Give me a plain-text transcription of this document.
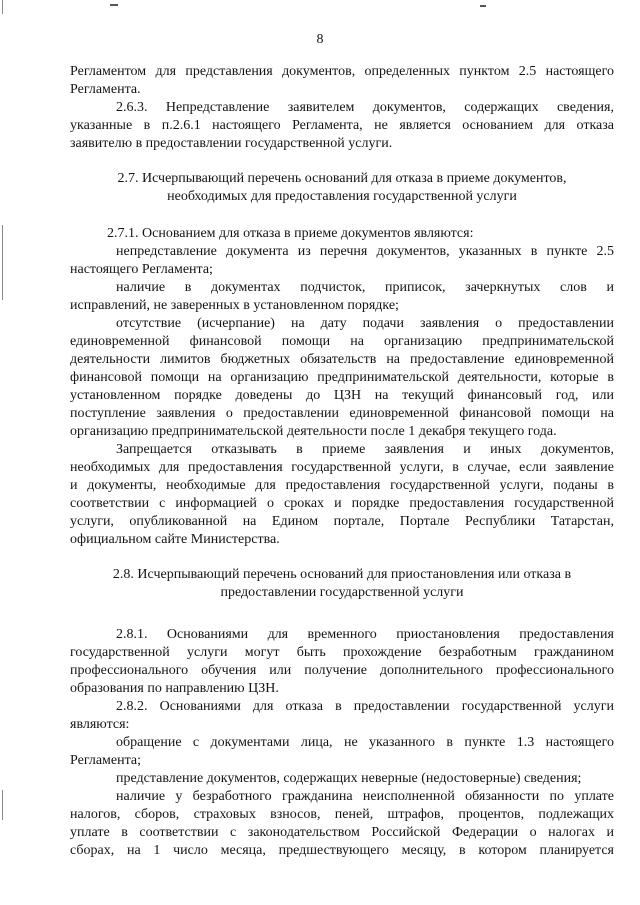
8

Регламентом для представления документов, определенных пунктом 2.5 настоящего

Регламента.

2.6.3. Непредставление заявителем документов, содержащих сведения,

указанные в п.2.6.1 настоящего Регламента, не является основанием для отказа

заявителю в предоставлении государственной услуги.

2.7. Исчерпывающий перечень оснований для отказа в приеме документов,

необходимых для предоставления государственной услуги

2.7.1. Основанием для отказа в приеме документов являются:

непредставление документа из перечня документов, указанных в пункте 2.5

настоящего Регламента;

наличие в документах подчисток, приписок, зачеркнутых слов и

исправлений, не заверенных в установленном порядке;

отсутствие (исчерпание) на дату подачи заявления о предоставлении

единовременной финансовой помощи на организацию предпринимательской

деятельности лимитов бюджетных обязательств на предоставление единовременной

финансовой помощи на организацию предпринимательской деятельности, которые в

установленном порядке доведены до ЦЗН на текущий финансовый год, или

поступление заявления о предоставлении единовременной финансовой помощи на

организацию предпринимательской деятельности после 1 декабря текущего года.

Запрещается отказывать в приеме заявления и иных документов,

необходимых для предоставления государственной услуги, в случае, если заявление

и документы, необходимые для предоставления государственной услуги, поданы в

соответствии с информацией о сроках и порядке предоставления государственной

услуги, опубликованной на Едином портале, Портале Республики Татарстан,

официальном сайте Министерства.

2.8. Исчерпывающий перечень оснований для приостановления или отказа в

предоставлении государственной услуги

2.8.1. Основаниями для временного приостановления предоставления

государственной услуги могут быть прохождение безработным гражданином

профессионального обучения или получение дополнительного профессионального

образования по направлению ЦЗН.

2.8.2. Основаниями для отказа в предоставлении государственной услуги

являются:

обращение с документами лица, не указанного в пункте 1.3 настоящего

Регламента;

представление документов, содержащих неверные (недостоверные) сведения;

наличие у безработного гражданина неисполненной обязанности по уплате

налогов, сборов, страховых взносов, пеней, штрафов, процентов, подлежащих

уплате в соответствии с законодательством Российской Федерации о налогах и

сборах, на 1 число месяца, предшествующего месяцу, в котором планируется
